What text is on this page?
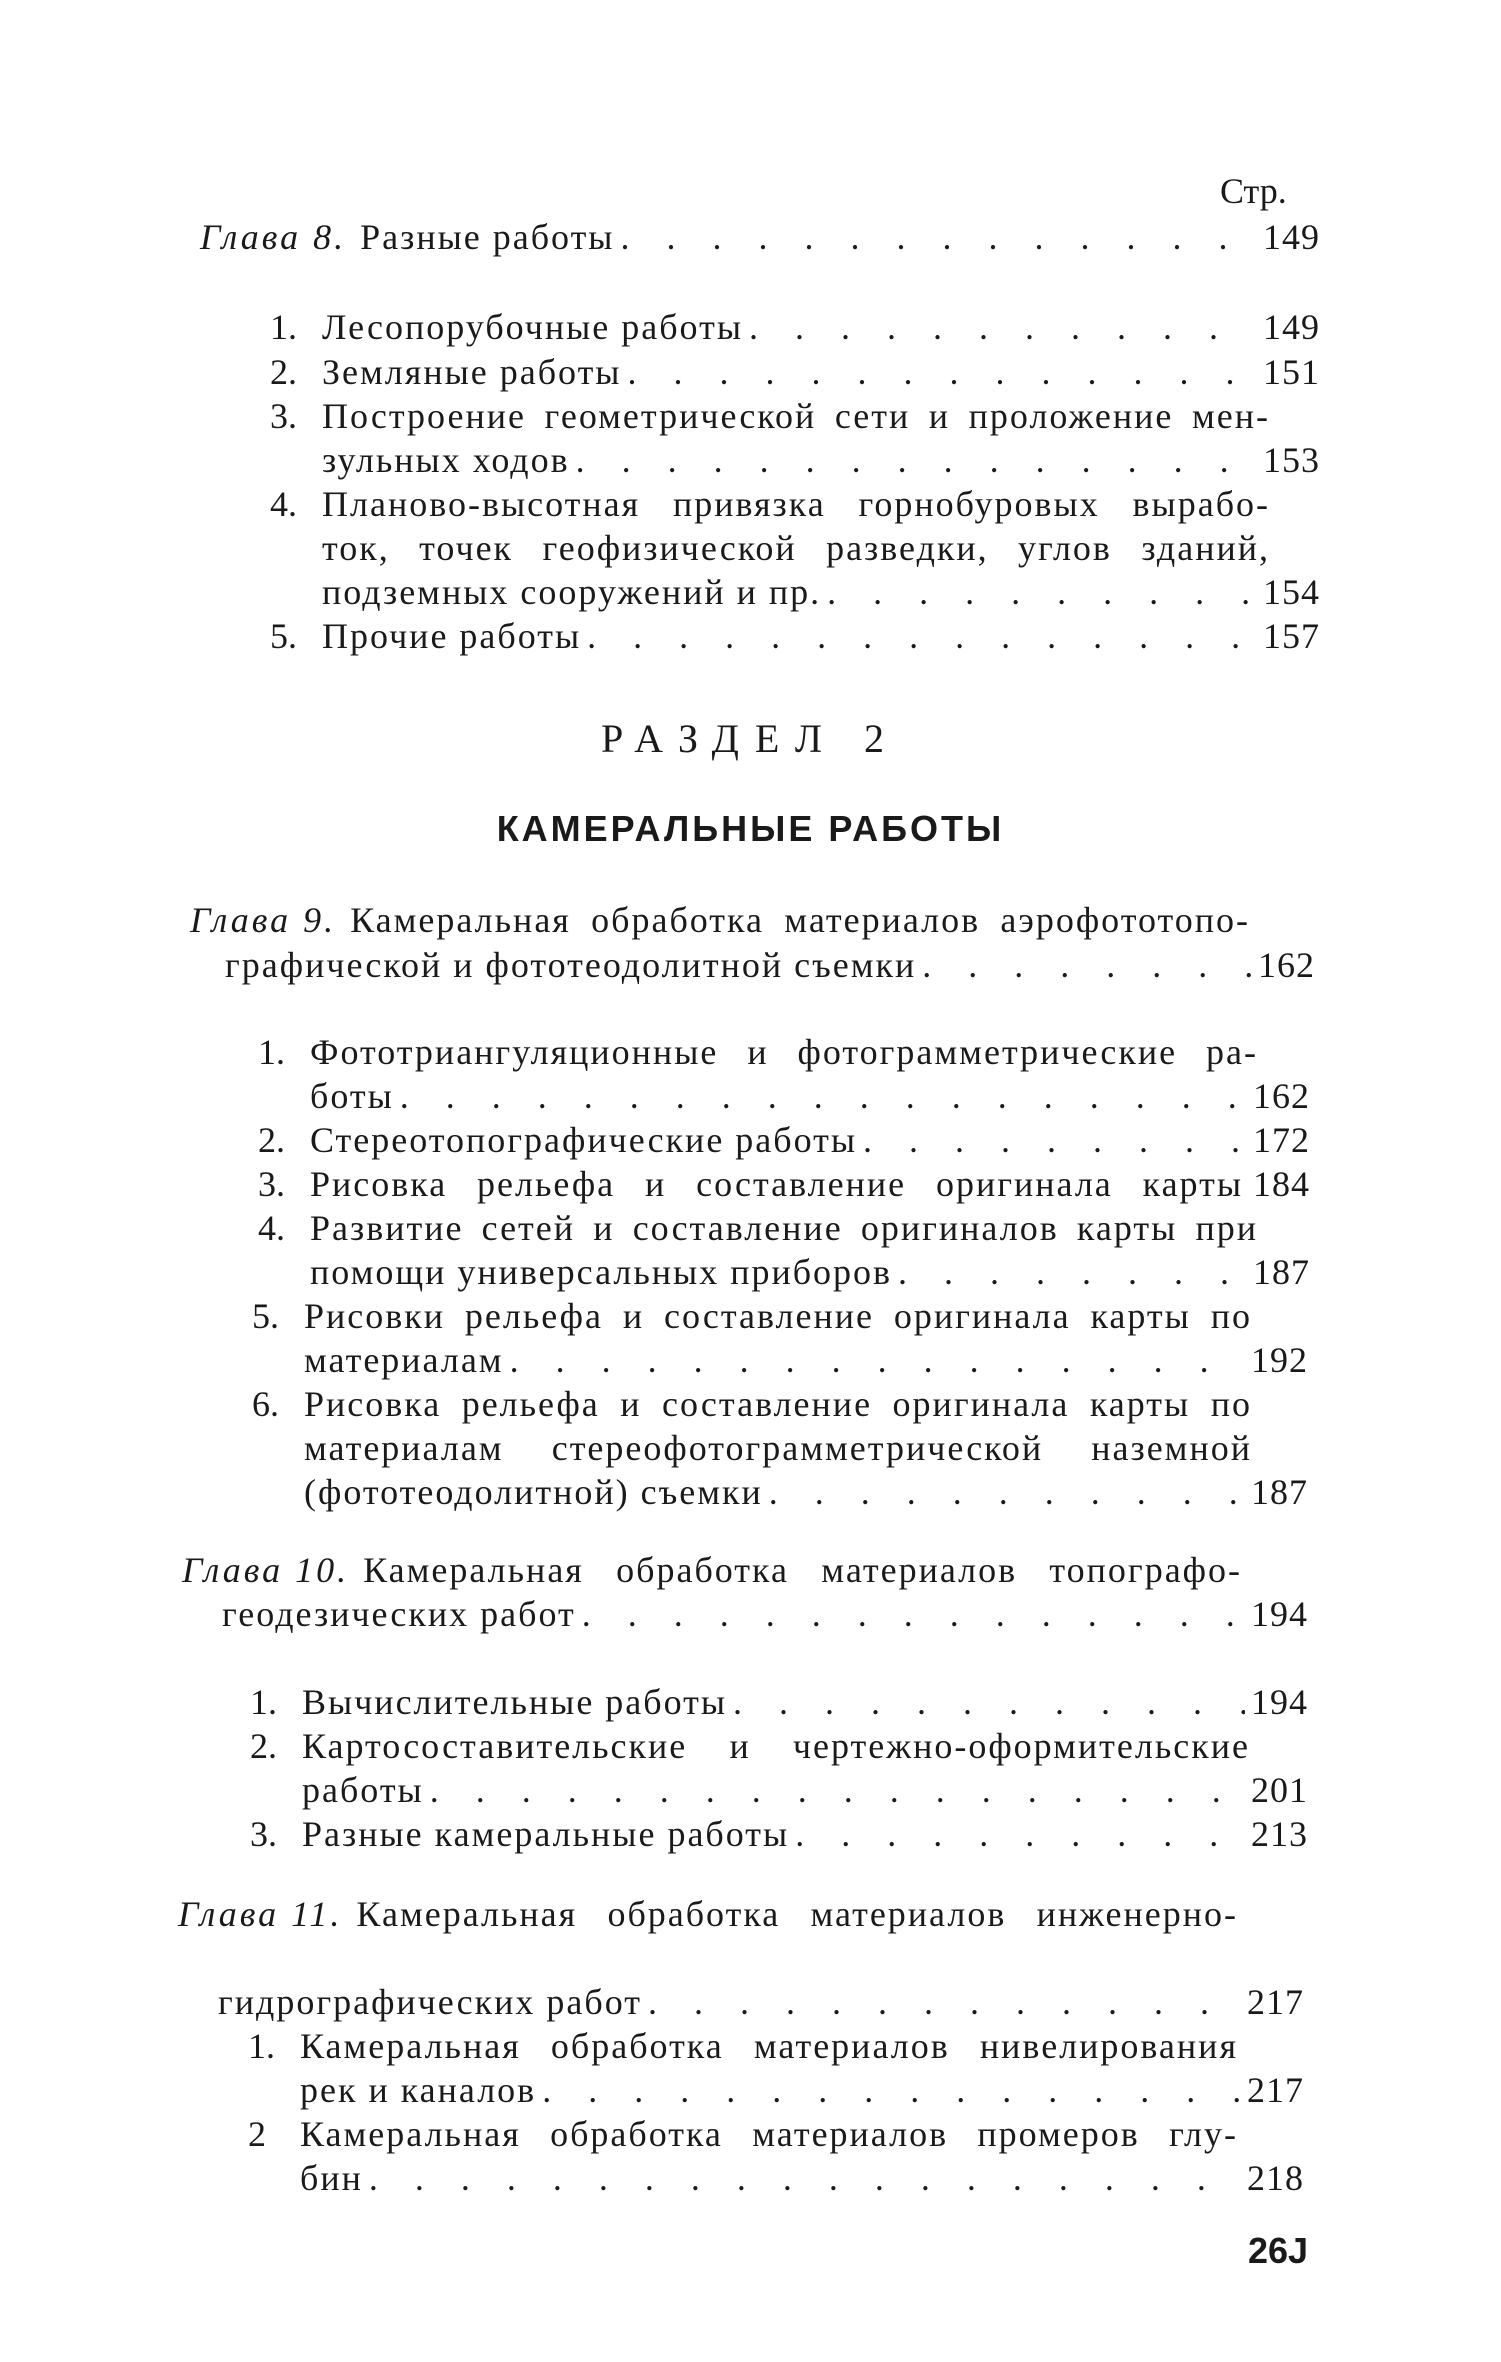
Стр.
Глава 8. Разные работы . . .	149
1. Лесопорубочные работы . . .	149
2. Земляные работы . . .	151
3. Построение геометрической сети и проложение мен-
зульных ходов . . .	153
4. Планово-высотная привязка горнобуровых вырабо-
ток, точек геофизической разведки, углов зданий,
подземных сооружений и пр. . . .	154
5. Прочие работы . . .	157
РАЗДЕЛ 2
КАМЕРАЛЬНЫЕ РАБОТЫ
Глава 9. Камеральная обработка материалов аэрофототопо-
графической и фототеодолитной съемки . . .	162
1. Фототриангуляционные и фотограмметрические ра-
боты . . .	162
2. Стереотопографические работы . . .	172
3. Рисовка рельефа и составление оригинала карты 184
4. Развитие сетей и составление оригиналов карты при
помощи универсальных приборов . . .	187
5. Рисовки рельефа и составление оригинала карты по
материалам . . .	192
6. Рисовка рельефа и составление оригинала карты по
материалам стереофотограмметрической наземной
(фототеодолитной) съемки . . .	187
Глава 10. Камеральная обработка материалов топографо-
геодезических работ . . .	194
1. Вычислительные работы . . .	194
2. Картосоставительские и чертежно-оформительские
работы . . .	201
3. Разные камеральные работы . . .	213
Глава 11. Камеральная обработка материалов инженерно-
гидрографических работ . . .	217
1. Камеральная обработка материалов нивелирования
рек и каналов . . .	217
2 Камеральная обработка материалов промеров глу-
бин . . .	218
26J
